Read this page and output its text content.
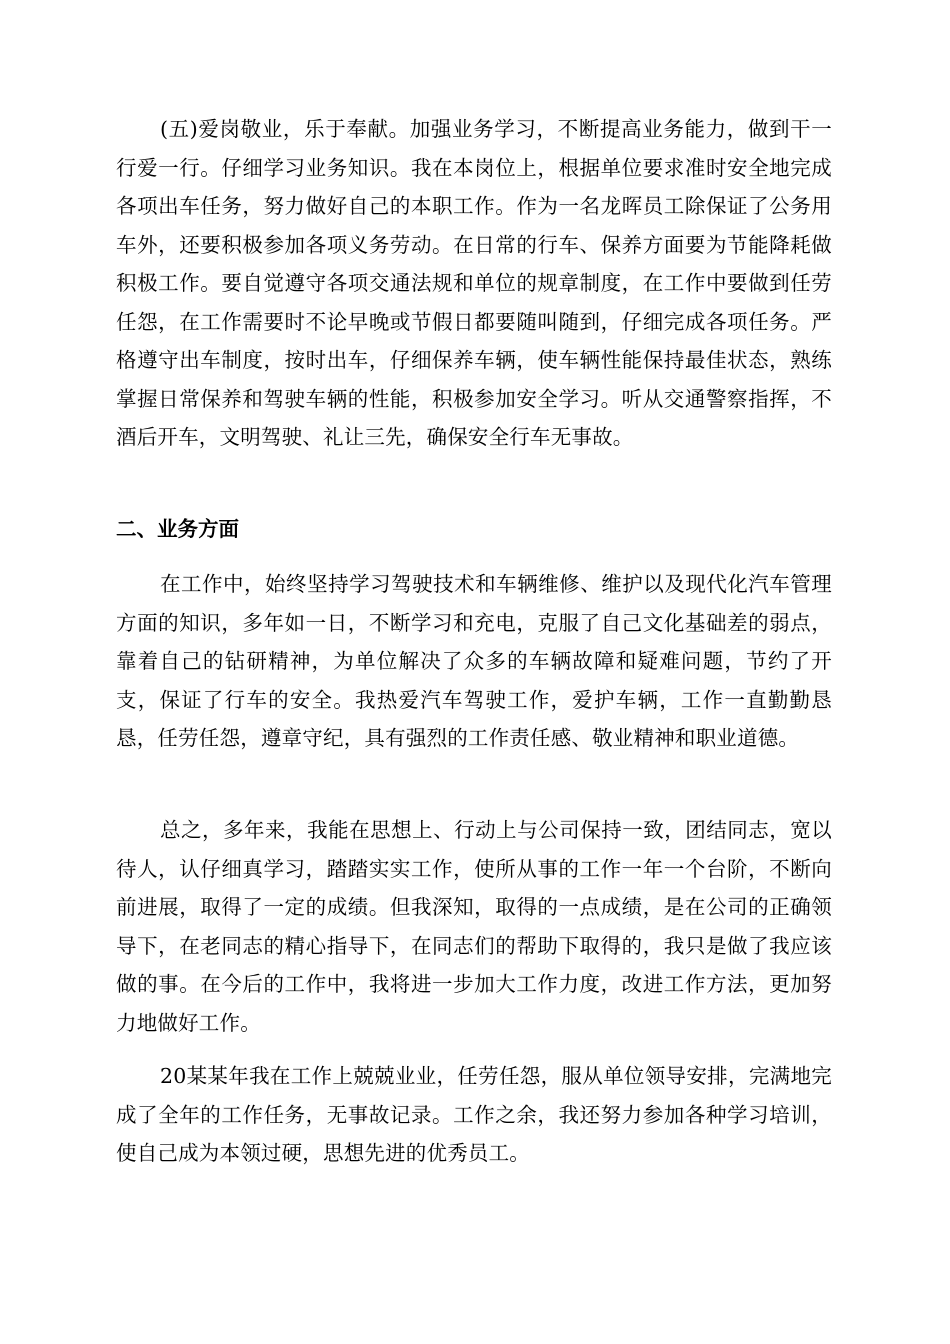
(五)爱岗敬业，乐于奉献。加强业务学习，不断提高业务能力，做到干一行爱一行。仔细学习业务知识。我在本岗位上，根据单位要求准时安全地完成各项出车任务，努力做好自己的本职工作。作为一名龙晖员工除保证了公务用车外，还要积极参加各项义务劳动。在日常的行车、保养方面要为节能降耗做积极工作。要自觉遵守各项交通法规和单位的规章制度，在工作中要做到任劳任怨，在工作需要时不论早晚或节假日都要随叫随到，仔细完成各项任务。严格遵守出车制度，按时出车，仔细保养车辆，使车辆性能保持最佳状态，熟练掌握日常保养和驾驶车辆的性能，积极参加安全学习。听从交通警察指挥，不酒后开车，文明驾驶、礼让三先，确保安全行车无事故。

二、业务方面

在工作中，始终坚持学习驾驶技术和车辆维修、维护以及现代化汽车管理方面的知识，多年如一日，不断学习和充电，克服了自己文化基础差的弱点，靠着自己的钻研精神，为单位解决了众多的车辆故障和疑难问题，节约了开支，保证了行车的安全。我热爱汽车驾驶工作，爱护车辆，工作一直勤勤恳恳，任劳任怨，遵章守纪，具有强烈的工作责任感、敬业精神和职业道德。

总之，多年来，我能在思想上、行动上与公司保持一致，团结同志，宽以待人，认仔细真学习，踏踏实实工作，使所从事的工作一年一个台阶，不断向前进展，取得了一定的成绩。但我深知，取得的一点成绩，是在公司的正确领导下，在老同志的精心指导下，在同志们的帮助下取得的，我只是做了我应该做的事。在今后的工作中，我将进一步加大工作力度，改进工作方法，更加努力地做好工作。

20某某年我在工作上兢兢业业，任劳任怨，服从单位领导安排，完满地完成了全年的工作任务，无事故记录。工作之余，我还努力参加各种学习培训，使自己成为本领过硬，思想先进的优秀员工。
